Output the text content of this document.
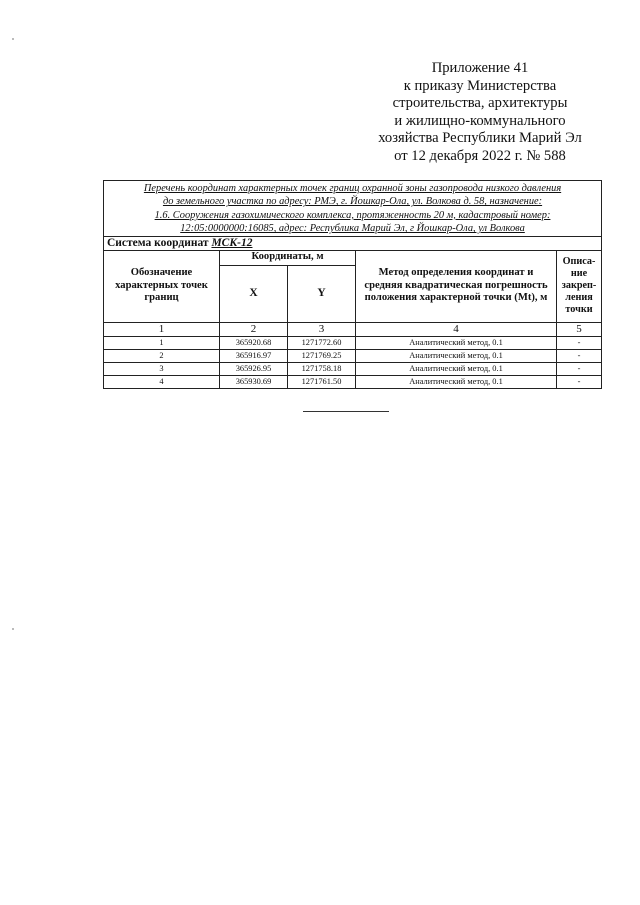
Приложение 41
к приказу Министерства
строительства, архитектуры
и жилищно-коммунального
хозяйства Республики Марий Эл
от 12 декабря 2022 г. № 588
Перечень координат характерных точек границ охранной зоны газопровода низкого давления
до земельного участка по адресу: РМЭ, г. Йошкар-Ола, ул. Волкова д. 58, назначение:
1.6. Сооружения газохимического комплекса, протяженность 20 м, кадастровый номер:
12:05:0000000:16085, адрес: Республика Марий Эл, г Йошкар-Ола, ул Волкова				

Система координат МСК-12				
Обозначение характерных точек границ	Координаты, м		Метод определения координат и средняя квадратическая погрешность положения характерной точки (Mt), м	Описа-ние закреп-ления точки
	X	Y		
1	2	3	4	5
1	365920.68	1271772.60	Аналитический метод, 0.1	-
2	365916.97	1271769.25	Аналитический метод, 0.1	-
3	365926.95	1271758.18	Аналитический метод, 0.1	-
4	365930.69	1271761.50	Аналитический метод, 0.1	-
